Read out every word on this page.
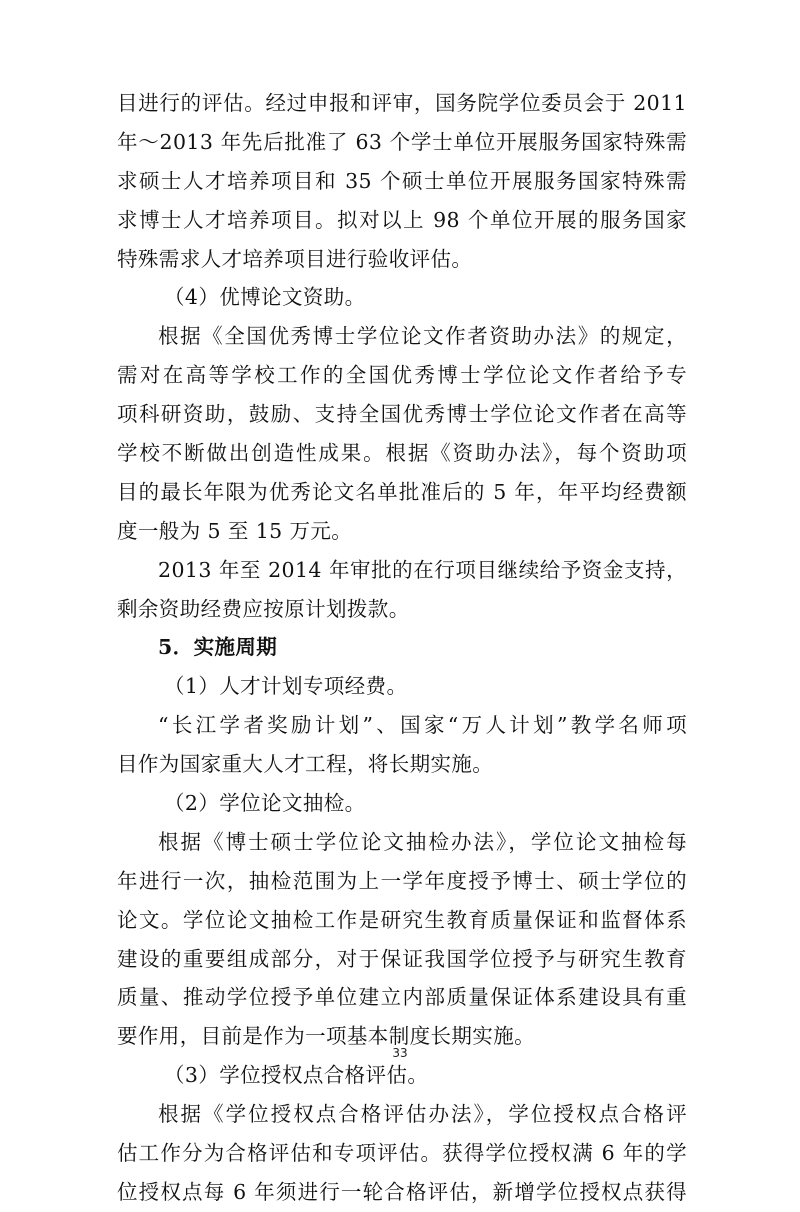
目进行的评估。经过申报和评审，国务院学位委员会于 2011
年～2013 年先后批准了 63 个学士单位开展服务国家特殊需
求硕士人才培养项目和 35 个硕士单位开展服务国家特殊需
求博士人才培养项目。拟对以上 98 个单位开展的服务国家
特殊需求人才培养项目进行验收评估。
（4）优博论文资助。
根据《全国优秀博士学位论文作者资助办法》的规定，
需对在高等学校工作的全国优秀博士学位论文作者给予专
项科研资助，鼓励、支持全国优秀博士学位论文作者在高等
学校不断做出创造性成果。根据《资助办法》，每个资助项
目的最长年限为优秀论文名单批准后的 5 年，年平均经费额
度一般为 5 至 15 万元。
2013 年至 2014 年审批的在行项目继续给予资金支持，
剩余资助经费应按原计划拨款。
5．实施周期
（1）人才计划专项经费。
“长江学者奖励计划”、国家“万人计划”教学名师项
目作为国家重大人才工程，将长期实施。
（2）学位论文抽检。
根据《博士硕士学位论文抽检办法》，学位论文抽检每
年进行一次，抽检范围为上一学年度授予博士、硕士学位的
论文。学位论文抽检工作是研究生教育质量保证和监督体系
建设的重要组成部分，对于保证我国学位授予与研究生教育
质量、推动学位授予单位建立内部质量保证体系建设具有重
要作用，目前是作为一项基本制度长期实施。
（3）学位授权点合格评估。
根据《学位授权点合格评估办法》，学位授权点合格评
估工作分为合格评估和专项评估。获得学位授权满 6 年的学
位授权点每 6 年须进行一轮合格评估，新增学位授权点获得
33
